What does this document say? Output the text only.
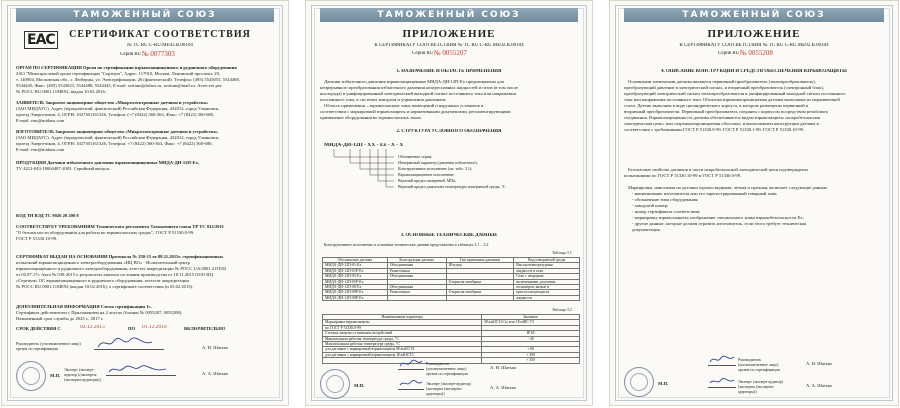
ТАМОЖЕННЫЙ СОЮЗ
EAC	СЕРТИФИКАТ СООТВЕТСТВИЯ
№ ТС RU C-RU.ME92.B.00104
Серия RU № 0077303
ОРГАН ПО СЕРТИФИКАЦИИ Орган по сертификации взрывозащищенного и рудничного оборудования
ЗАО "Межотраслевой орган сертификации "Сертиум", Адрес: 117910, Москва, Ленинский проспект, 29,
т. 140004, Московская обл., г. Люберцы, ул. Электрификации, 26 (фактический). Телефон: (495) 5543055, 5544488,
5544445; Факс: (495) 5543023, 5544488, 5544445, E-mail: sertium@inbox.ru, sertium@mail.ru. Аттестат рег.
№ РОСС RU.0001.11МЕ92, выдан 10.02.2016.
ЗАЯВИТЕЛЬ Закрытое акционерное общество «Микроэлектронные датчики и устройства»
(ЗАО МИДАУС). Адрес (юридический, фактический) Российская Федерация, 432012, город Ульяновск,
проезд Энергетиков, 4, ОГРН: 1027301161326, Телефон: (+7 (8422) 360-363, Факс: +7 (8422) 360-680,
E-mail: rms@midaus.com
ИЗГОТОВИТЕЛЬ Закрытое акционерное общество «Микроэлектронные датчики и устройства»
(ЗАО МИДАУС). Адрес (юридический, фактический) Российская Федерация, 432012, город Ульяновск,
проезд Энергетиков, 4, ОГРН: 1027301161326, Телефон: +7 (8422) 360-363, Факс: +7 (8422) 360-680,
E-mail: rms@midaus.com
ПРОДУКЦИЯ Датчики избыточного давления взрывозащищенные МИДА-ДИ-12П-Ex,
ТУ 4212-043-18004487-2003. Серийный выпуск.
КОД ТН ВЭД ТС 9026 20 200 8
СООТВЕТСТВУЕТ ТРЕБОВАНИЯМ Технического регламента Таможенного союза ТР ТС 012/2011
"О безопасности оборудования для работы во взрывоопасных средах", ГОСТ Р 51330.0-99,
ГОСТ Р 51330.10-99.
СЕРТИФИКАТ ВЫДАН НА ОСНОВАНИИ Протокола № 250-15 от 08.11.2015г. сертификационных
испытаний взрывозащищенного электрооборудования «НЦ ВО» - Испытательный центр
взрывозащищенного и рудничного электрооборудования, аттестат аккредитации № РОСС UA.0001.21ГБ02
от 05.07.17г. Акта № 039-2015 о результатах анализа состояния производства от 18.11.2015 ООО НЦ
«Сертиум» ОС взрывозащищенного и рудничного оборудования, аттестат аккредитации
№ РОСС RU.0001.11МЕ92 (выдан 10.02.2016), о сертификате соответствия (и 03.02.2015).
ДОПОЛНИТЕЛЬНАЯ ИНФОРМАЦИЯ Схема сертификации 1с.
Сертификат действителен с Приложением на 2 листах (бланки № 0055207, 0055208).
Назначенный срок службы до 2025 г., 2017 г.
СРОК ДЕЙСТВИЯ С	02.12.2015	ПО 01.12.2018	ВКЛЮЧИТЕЛЬНО
Руководитель (уполномоченное лицо) органа по сертификации	А. Н. Шатько
М.П.
Эксперт (эксперт-аудитор) (эксперты (эксперты-аудиторы))
А. А. Шатько
ТАМОЖЕННЫЙ СОЮЗ
ПРИЛОЖЕНИЕ
К СЕРТИФИКАТУ СООТВЕТСТВИЯ № ТС RU C-RU.ME92.B.00104
Серия RU № 0055207
1. НАЗНАЧЕНИЕ И ОБЛАСТЬ ПРИМЕНЕНИЯ
Датчики избыточного давления взрывозащищенные МИДА-ДИ-12П-Ex предназначены для
непрерывного преобразования избыточного давления неагрессивных жидкостей и газов (в том числе
кислорода) в унифицированный электрический выходной сигнал постоянного тока или напряжения
постоянного тока, в системах контроля и управления давлением.
Область применения – взрывоопасные зоны помещений и наружных установок в
соответствии с маркировкой взрывозащиты и нормативными документами, регламентирующими
применение оборудования во взрывоопасных зонах.
2. СТРУКТУРА УСЛОВНОГО ОБОЗНАЧЕНИЯ
МИДА-ДИ-12П - XX - Ex - X - X
Обозначение серии;
Измеряемый параметр (давление избыточное);
Конструктивное исполнение (см. табл. 3.1);
Взрывозащищенное исполнение;
Верхний предел измерений, МПа;
Верхний предел диапазона температуры измеряемой среды, °С
3. ОСНОВНЫЕ ТЕХНИЧЕСКИЕ ДАННЫЕ
Конструктивное исполнение и основные технические данные представлены в таблицах 3.1 – 3.2.
Таблица 3.1
Обозначение датчика	Конструкция датчика	Тип приемника давления	Вид измеряемой среды
МИДА-ДИ-12П-01-Ex	Объединенная	Штуцер	Высокотемпературные
МИДА-ДИ-12П-01Р-Ex	Разнесенная		жидкости и газы
МИДА-ДИ-12П-05-Ex	Объединенная		Газы с твердыми
МИДА-ДИ-12П-05Р-Ex		Открытая мембрана	включениями, расплавы
МИДА-ДИ-12П-08-Ex	Объединенная		полимеров, вязкие и
МИДА-ДИ-12П-08Р-Ex	Разнесенная	Открытая мембрана	кристаллизующиеся
МИДА-ДИ-12П-08Р-Ex			жидкости
Таблица 3.2
Наименование параметра	Значение
Маркировка взрывозащиты	0ExiaIIСТ4 Ga или 1ExdIIС T3
по ГОСТ Р 51330.0-99	
Степень защиты от внешних воздействий	IP 65
Минимальная рабочая температура среды, °С	- 40
Максимальная рабочая температура среды, °С	
для датчиков с маркировкой взрывозащиты 0ExiaIIСТ4	+ 80
для датчиков с маркировкой взрывозащиты 1ExdIIСТ3	+ 300
	+ 350
Руководитель (уполномоченное лицо) органа по сертификации
А. Н. Шатько
М.П.	Эксперт (эксперт-аудитор) (эксперты (эксперты-аудиторы))
А. А. Шатько
ТАМОЖЕННЫЙ СОЮЗ
ПРИЛОЖЕНИЕ
К СЕРТИФИКАТУ СООТВЕТСТВИЯ № ТС RU C-RU.ME92.B.00104
Серия RU № 0055208
4. ОПИСАНИЕ КОНСТРУКЦИИ И СРЕДСТВ ОБЕСПЕЧЕНИЯ ВЗРЫВОЗАЩИТЫ
Основными элементами датчика являются первичный преобразователь (тензопреобразователь),
преобразующий давление в электрический сигнал, и вторичный преобразователь (электронный блок),
преобразующий электрический сигнал тензопреобразователя в унифицированный выходной сигнал постоянного
тока или напряжения постоянного тока. Оболочка взрывонепроницаемая датчика выполнена из нержавеющей
стали. Датчик выполнен в виде цилиндрического корпуса, в котором размещены первичный и
вторичный преобразователи. Первичный преобразователь соединен с корпусом посредством резьбового
соединения. Взрывозащищенность датчика обеспечивается видом взрывозащиты «искробезопасная
электрическая цепь» или «взрывонепроницаемая оболочка» и выполнением конструкции датчика в
соответствии с требованиями ГОСТ Р 51330.0-99, ГОСТ Р 51330.1-99, ГОСТ Р 51330.10-99.
Безопасные свойства датчиков в части искробезопасной электрической цепи подтверждены
испытаниями по ГОСТ Р 51330.10-99 и ГОСТ Р 51330.0-99.
Маркировка, наносимая на датчики хорошо видимая, четкая и прочная, включает следующие данные:
- наименование изготовителя или его зарегистрированный товарный знак;
- обозначение типа оборудования;
- заводской номер;
- номер сертификата соответствия;
- маркировку взрывозащиты; изображение специального знака взрывобезопасности Ex;
- другие данные, которые должен отразить изготовитель, если этого требует техническая
документация.
Руководитель (уполномоченное лицо) органа по сертификации
А. Н. Шатько
М.П.	Эксперт (эксперт-аудитор) (эксперты (эксперты-аудиторы))
А. А. Шатько
